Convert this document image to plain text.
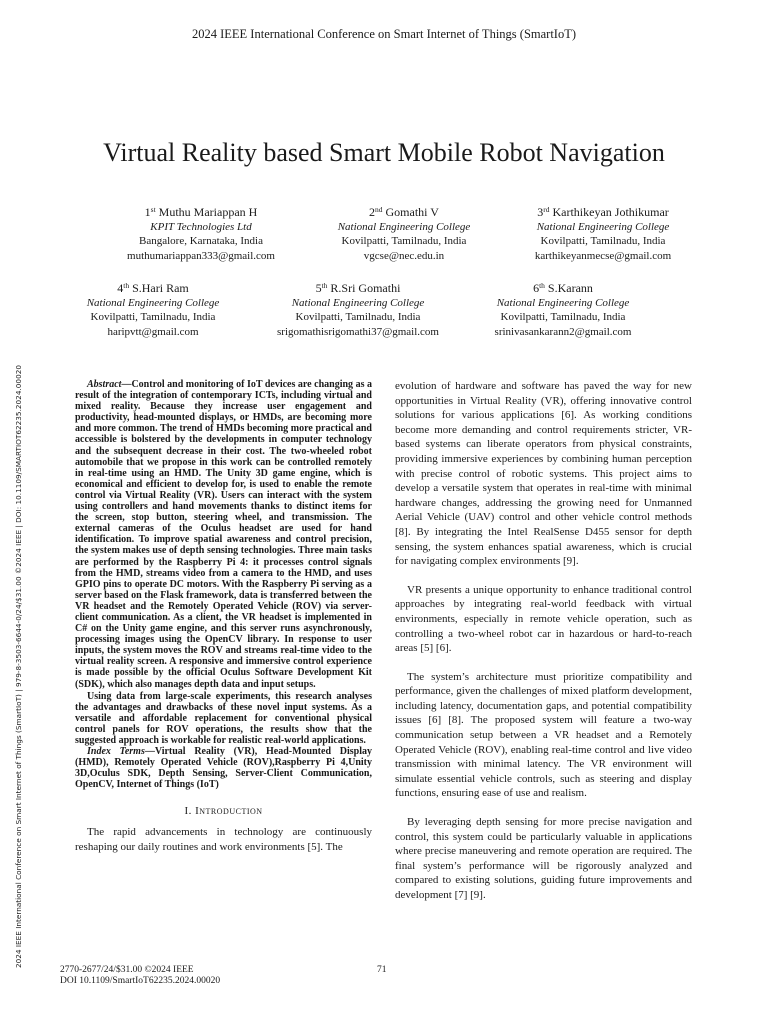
2024 IEEE International Conference on Smart Internet of Things (SmartIoT)
2024 IEEE International Conference on Smart Internet of Things (SmartIoT) | 979-8-3503-6644-0/24/$31.00 ©2024 IEEE | DOI: 10.1109/SMARTIOT62235.2024.00020
Virtual Reality based Smart Mobile Robot Navigation
1st Muthu Mariappan H
KPIT Technologies Ltd
Bangalore, Karnataka, India
muthumariappan333@gmail.com
2nd Gomathi V
National Engineering College
Kovilpatti, Tamilnadu, India
vgcse@nec.edu.in
3rd Karthikeyan Jothikumar
National Engineering College
Kovilpatti, Tamilnadu, India
karthikeyanmecse@gmail.com
4th S.Hari Ram
National Engineering College
Kovilpatti, Tamilnadu, India
haripvtt@gmail.com
5th R.Sri Gomathi
National Engineering College
Kovilpatti, Tamilnadu, India
srigomathisrigomathi37@gmail.com
6th S.Karann
National Engineering College
Kovilpatti, Tamilnadu, India
srinivasankarann2@gmail.com

Abstract—Control and monitoring of IoT devices are changing as a result of the integration of contemporary ICTs, including virtual and mixed reality. Because they increase user engagement and productivity, head-mounted displays, or HMDs, are becoming more and more common. The trend of HMDs becoming more practical and accessible is bolstered by the developments in computer technology and the subsequent decrease in their cost. The two-wheeled robot automobile that we propose in this work can be controlled remotely in real-time using an HMD. The Unity 3D game engine, which is economical and efficient to develop for, is used to enable the remote control via Virtual Reality (VR). Users can interact with the system using controllers and hand movements thanks to distinct items for the screen, stop button, steering wheel, and transmission. The external cameras of the Oculus headset are used for hand identification. To improve spatial awareness and control precision, the system makes use of depth sensing technologies. Three main tasks are performed by the Raspberry Pi 4: it processes control signals from the HMD, streams video from a camera to the HMD, and uses GPIO pins to operate DC motors. With the Raspberry Pi serving as a server based on the Flask framework, data is transferred between the VR headset and the Remotely Operated Vehicle (ROV) via server-client communication. As a client, the VR headset is implemented in C# on the Unity game engine, and this server runs asynchronously, processing images using the OpenCV library. In response to user inputs, the system moves the ROV and streams real-time video to the virtual reality screen. A responsive and immersive control experience is made possible by the official Oculus Software Development Kit (SDK), which also manages depth data and input setups.

Using data from large-scale experiments, this research analyses the advantages and drawbacks of these novel input systems. As a versatile and affordable replacement for conventional physical control panels for ROV operations, the results show that the suggested approach is workable for realistic real-world applications.

Index Terms—Virtual Reality (VR), Head-Mounted Display (HMD), Remotely Operated Vehicle (ROV),Raspberry Pi 4,Unity 3D,Oculus SDK, Depth Sensing, Server-Client Communication, OpenCV, Internet of Things (IoT)

I. Introduction

The rapid advancements in technology are continuously reshaping our daily routines and work environments [5]. The

evolution of hardware and software has paved the way for new opportunities in Virtual Reality (VR), offering innovative control solutions for various applications [6]. As working conditions become more demanding and control requirements stricter, VR-based systems can liberate operators from physical constraints, providing immersive experiences by combining human perception with precise control of robotic systems. This project aims to develop a versatile system that operates in real-time with minimal hardware changes, addressing the growing need for Unmanned Aerial Vehicle (UAV) control and other vehicle control methods [8]. By integrating the Intel RealSense D455 sensor for depth sensing, the system enhances spatial awareness, which is crucial for navigating complex environments [9].

VR presents a unique opportunity to enhance traditional control approaches by integrating real-world feedback with virtual environments, especially in remote vehicle operation, such as controlling a two-wheel robot car in hazardous or hard-to-reach areas [5] [6].

The system’s architecture must prioritize compatibility and performance, given the challenges of mixed platform development, including latency, documentation gaps, and potential compatibility issues [6] [8]. The proposed system will feature a two-way communication setup between a VR headset and a Remotely Operated Vehicle (ROV), enabling real-time control and live video transmission with minimal latency. The VR environment will simulate essential vehicle controls, such as steering and display functions, ensuring ease of use and realism.

By leveraging depth sensing for more precise navigation and control, this system could be particularly valuable in applications where precise maneuvering and remote operation are required. The final system’s performance will be rigorously analyzed and compared to existing solutions, guiding future improvements and development [7] [9].

2770-2677/24/$31.00 ©2024 IEEE
DOI 10.1109/SmartIoT62235.2024.00020
71
